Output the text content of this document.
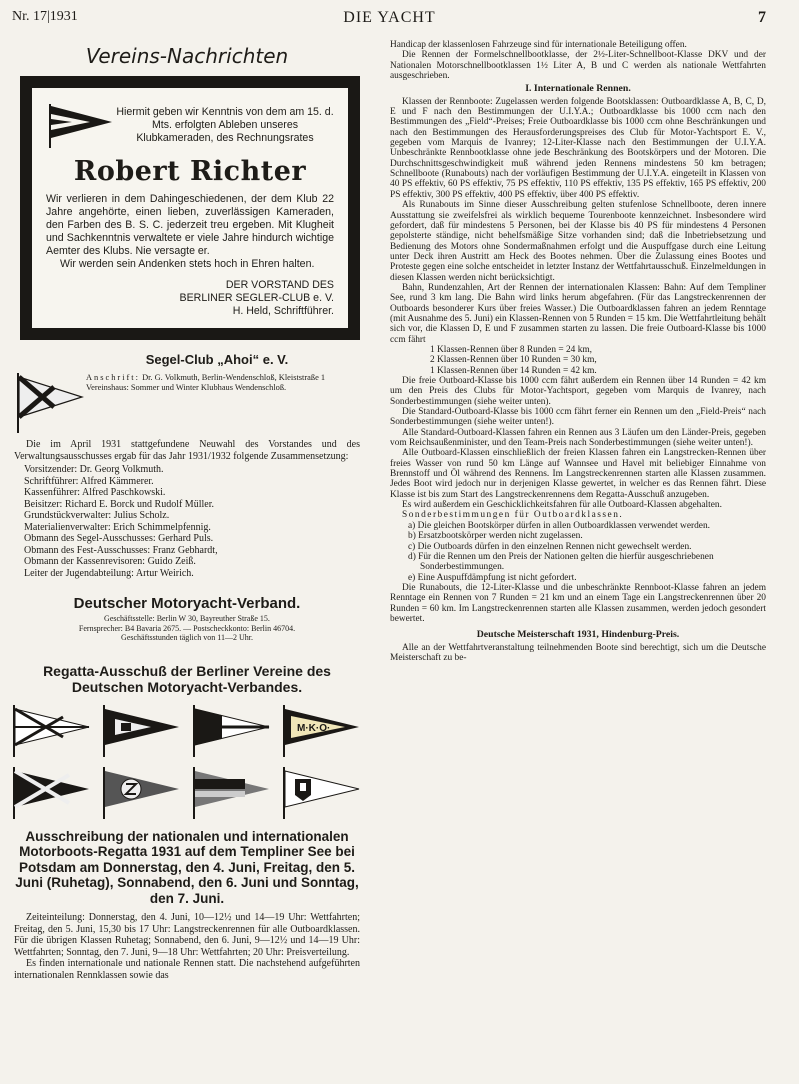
Nr. 17|1931	DIE YACHT	7
Vereins-Nachrichten
Hiermit geben wir Kenntnis von dem am 15. d. Mts. erfolgten Ableben unseres Klubkameraden, des Rechnungsrates
Robert Richter
Wir verlieren in dem Dahingeschiedenen, der dem Klub 22 Jahre angehörte, einen lieben, zuverlässigen Kameraden, den Farben des B. S. C. jederzeit treu ergeben. Mit Klugheit und Sachkenntnis verwaltete er viele Jahre hindurch wichtige Aemter des Klubs. Nie versagte er.
Wir werden sein Andenken stets hoch in Ehren halten.
DER VORSTAND DES
BERLINER SEGLER-CLUB e. V.
H. Held, Schriftführer.
Segel-Club „Ahoi“ e. V.
Anschrift: Dr. G. Volkmuth, Berlin-Wendenschloß, Kleiststraße 1
Vereinshaus: Sommer und Winter Klubhaus Wendenschloß.

Die im April 1931 stattgefundene Neuwahl des Vorstandes und des Verwaltungsausschusses ergab für das Jahr 1931/1932 folgende Zusammensetzung:

Vorsitzender: Dr. Georg Volkmuth.
Schriftführer: Alfred Kämmerer.
Kassenführer: Alfred Paschkowski.
Beisitzer: Richard E. Borck und Rudolf Müller.
Grundstückverwalter: Julius Scholz.
Materialienverwalter: Erich Schimmelpfennig.
Obmann des Segel-Ausschusses: Gerhard Puls.
Obmann des Fest-Ausschusses: Franz Gebhardt,
Obmann der Kassenrevisoren: Guido Zeiß.
Leiter der Jugendabteilung: Artur Weirich.
Deutscher Motoryacht-Verband.
Geschäftsstelle: Berlin W 30, Bayreuther Straße 15.
Fernsprecher: B4 Bavaria 2675. — Postscheckkonto: Berlin 46704.
Geschäftsstunden täglich von 11—2 Uhr.
Regatta-Ausschuß der Berliner Vereine des Deutschen Motoryacht-Verbandes.
M·K·O·
Ausschreibung der nationalen und internationalen Motorboots-Regatta 1931 auf dem Templiner See bei Potsdam am Donnerstag, den 4. Juni, Freitag, den 5. Juni (Ruhetag), Sonnabend, den 6. Juni und Sonntag, den 7. Juni.

Zeiteinteilung: Donnerstag, den 4. Juni, 10—12½ und 14—19 Uhr: Wettfahrten; Freitag, den 5. Juni, 15,30 bis 17 Uhr: Langstreckenrennen für alle Outboardklassen. Für die übrigen Klassen Ruhetag; Sonnabend, den 6. Juni, 9—12½ und 14—19 Uhr: Wettfahrten; Sonntag, den 7. Juni, 9—18 Uhr: Wettfahrten; 20 Uhr: Preisverteilung.

Es finden internationale und nationale Rennen statt. Die nachstehend aufgeführten internationalen Rennklassen sowie das

Handicap der klassenlosen Fahrzeuge sind für internationale Beteiligung offen.

Die Rennen der Formelschnellbootklasse, der 2½-Liter-Schnellboot-Klasse DKV und der Nationalen Motorschnellbootklassen 1½ Liter A, B und C werden als nationale Wettfahrten ausgeschrieben.

I. Internationale Rennen.

Klassen der Rennboote: Zugelassen werden folgende Bootsklassen: Outboardklasse A, B, C, D, E und F nach den Bestimmungen der U.I.Y.A.; Outboardklasse bis 1000 ccm nach den Bestimmungen des „Field“-Preises; Freie Outboardklasse bis 1000 ccm ohne Beschränkungen und nach den Bestimmungen des Herausforderungspreises des Club für Motor-Yachtsport E. V., gegeben vom Marquis de Ivanrey; 12-Liter-Klasse nach den Bestimmungen der U.I.Y.A. Unbeschränkte Rennbootklasse ohne jede Beschränkung des Bootskörpers und der Motoren. Die Durchschnittsgeschwindigkeit muß während jeden Rennens mindestens 50 km betragen; Schnellboote (Runabouts) nach der vorläufigen Bestimmung der U.I.Y.A. eingeteilt in Klassen von 40 PS effektiv, 60 PS effektiv, 75 PS effektiv, 110 PS effektiv, 135 PS effektiv, 165 PS effektiv, 200 PS effektiv, 300 PS effektiv, 400 PS effektiv, über 400 PS effektiv.

Als Runabouts im Sinne dieser Ausschreibung gelten stufenlose Schnellboote, deren innere Ausstattung sie zweifelsfrei als wirklich bequeme Tourenboote kennzeichnet. Insbesondere wird gefordert, daß für mindestens 5 Personen, bei der Klasse bis 40 PS für mindestens 4 Personen gepolsterte ständige, nicht behelfsmäßige Sitze vorhanden sind; daß die Inbetriebsetzung und Bedienung des Motors ohne Sondermaßnahmen erfolgt und die Auspuffgase durch eine Leitung unter Deck ihren Austritt am Heck des Bootes nehmen. Über die Zulassung eines Bootes und Proteste gegen eine solche entscheidet in letzter Instanz der Wettfahrtausschuß. Einzelmeldungen in diesen Klassen werden nicht berücksichtigt.

Bahn, Rundenzahlen, Art der Rennen der internationalen Klassen: Bahn: Auf dem Templiner See, rund 3 km lang. Die Bahn wird links herum abgefahren. (Für das Langstreckenrennen der Outboards besonderer Kurs über freies Wasser.) Die Outboardklassen fahren an jedem Renntage (mit Ausnahme des 5. Juni) ein Klassen-Rennen von 5 Runden = 15 km. Die Wettfahrtleitung behält sich vor, die Klassen D, E und F zusammen starten zu lassen. Die freie Outboard-Klasse bis 1000 ccm fährt

1 Klassen-Rennen über 8 Runden = 24 km,
2 Klassen-Rennen über 10 Runden = 30 km,
1 Klassen-Rennen über 14 Runden = 42 km.

Die freie Outboard-Klasse bis 1000 ccm fährt außerdem ein Rennen über 14 Runden = 42 km um den Preis des Clubs für Motor-Yachtsport, gegeben vom Marquis de Ivanrey, nach Sonderbestimmungen (siehe weiter unten).

Die Standard-Outboard-Klasse bis 1000 ccm fährt ferner ein Rennen um den „Field-Preis“ nach Sonderbestimmungen (siehe weiter unten!).

Alle Standard-Outboard-Klassen fahren ein Rennen aus 3 Läufen um den Länder-Preis, gegeben vom Reichsaußenminister, und den Team-Preis nach Sonderbestimmungen (siehe weiter unten!).

Alle Outboard-Klassen einschließlich der freien Klassen fahren ein Langstrecken-Rennen über freies Wasser von rund 50 km Länge auf Wannsee und Havel mit beliebiger Einnahme von Brennstoff und Öl während des Rennens. Im Langstreckenrennen starten alle Klassen zusammen. Jedes Boot wird jedoch nur in derjenigen Klasse gewertet, in welcher es das Rennen fährt. Diese Klasse ist bis zum Start des Langstreckenrennens dem Regatta-Ausschuß anzugeben.

Es wird außerdem ein Geschicklichkeitsfahren für alle Outboard-Klassen abgehalten.

Sonderbestimmungen für Outboardklassen.

a) Die gleichen Bootskörper dürfen in allen Outboardklassen verwendet werden.
b) Ersatzbootskörper werden nicht zugelassen.
c) Die Outboards dürfen in den einzelnen Rennen nicht gewechselt werden.
d) Für die Rennen um den Preis der Nationen gelten die hierfür ausgeschriebenen Sonderbestimmungen.
e) Eine Auspuffdämpfung ist nicht gefordert.

Die Runabouts, die 12-Liter-Klasse und die unbeschränkte Rennboot-Klasse fahren an jedem Renntage ein Rennen von 7 Runden = 21 km und an einem Tage ein Langstreckenrennen über 20 Runden = 60 km. Im Langstreckenrennen starten alle Klassen zusammen, werden jedoch gesondert bewertet.

Deutsche Meisterschaft 1931, Hindenburg-Preis.

Alle an der Wettfahrtveranstaltung teilnehmenden Boote sind berechtigt, sich um die Deutsche Meisterschaft zu be-
